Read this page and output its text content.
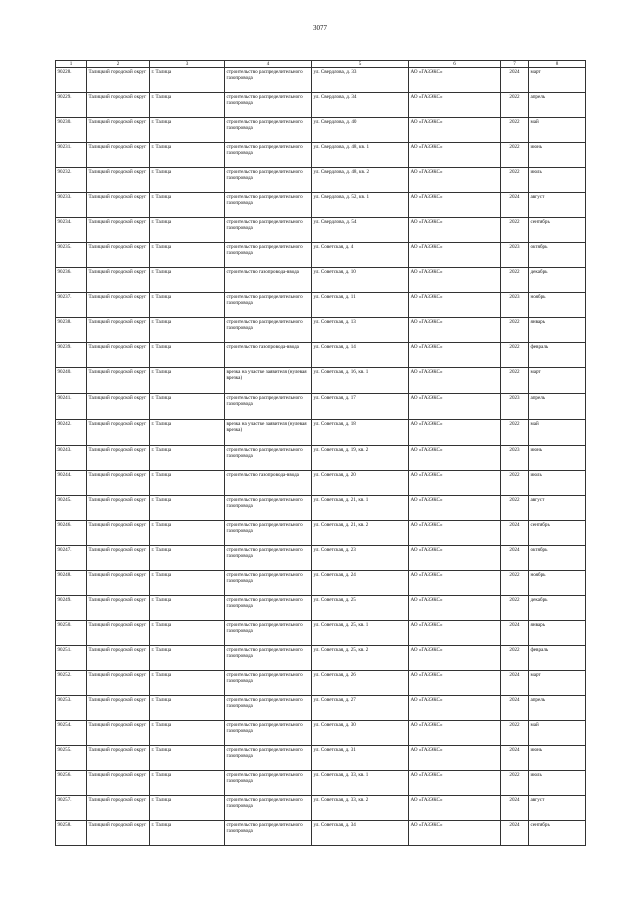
3077
1	2	3	4	5	6	7	8
90228.	Талицкий городской округ	г. Талица	строительство распределительного газопровода	ул. Свердлова, д. 33	АО «ГАЗЭКС»	2024	март
90229.	Талицкий городской округ	г. Талица	строительство распределительного газопровода	ул. Свердлова, д. 34	АО «ГАЗЭКС»	2022	апрель
90230.	Талицкий городской округ	г. Талица	строительство распределительного газопровода	ул. Свердлова, д. 40	АО «ГАЗЭКС»	2022	май
90231.	Талицкий городской округ	г. Талица	строительство распределительного газопровода	ул. Свердлова, д. 48, кв. 1	АО «ГАЗЭКС»	2022	июнь
90232.	Талицкий городской округ	г. Талица	строительство распределительного газопровода	ул. Свердлова, д. 48, кв. 2	АО «ГАЗЭКС»	2022	июль
90233.	Талицкий городской округ	г. Талица	строительство распределительного газопровода	ул. Свердлова, д. 52, кв. 1	АО «ГАЗЭКС»	2024	август
90234.	Талицкий городской округ	г. Талица	строительство распределительного газопровода	ул. Свердлова, д. 54	АО «ГАЗЭКС»	2022	сентябрь
90235.	Талицкий городской округ	г. Талица	строительство распределительного газопровода	ул. Советская, д. 4	АО «ГАЗЭКС»	2023	октябрь
90236.	Талицкий городской округ	г. Талица	строительство газопровода-ввода	ул. Советская, д. 10	АО «ГАЗЭКС»	2022	декабрь
90237.	Талицкий городской округ	г. Талица	строительство распределительного газопровода	ул. Советская, д. 11	АО «ГАЗЭКС»	2023	ноябрь
90238.	Талицкий городской округ	г. Талица	строительство распределительного газопровода	ул. Советская, д. 13	АО «ГАЗЭКС»	2022	январь
90239.	Талицкий городской округ	г. Талица	строительство газопровода-ввода	ул. Советская, д. 14	АО «ГАЗЭКС»	2022	февраль
90240.	Талицкий городской округ	г. Талица	врезка на участке заявителя (нулевая врезка)	ул. Советская, д. 16, кв. 1	АО «ГАЗЭКС»	2022	март
90241.	Талицкий городской округ	г. Талица	строительство распределительного газопровода	ул. Советская, д. 17	АО «ГАЗЭКС»	2023	апрель
90242.	Талицкий городской округ	г. Талица	врезка на участке заявителя (нулевая врезка)	ул. Советская, д. 18	АО «ГАЗЭКС»	2022	май
90243.	Талицкий городской округ	г. Талица	строительство распределительного газопровода	ул. Советская, д. 19, кв. 2	АО «ГАЗЭКС»	2023	июнь
90244.	Талицкий городской округ	г. Талица	строительство газопровода-ввода	ул. Советская, д. 20	АО «ГАЗЭКС»	2022	июль
90245.	Талицкий городской округ	г. Талица	строительство распределительного газопровода	ул. Советская, д. 21, кв. 1	АО «ГАЗЭКС»	2022	август
90246.	Талицкий городской округ	г. Талица	строительство распределительного газопровода	ул. Советская, д. 21, кв. 2	АО «ГАЗЭКС»	2024	сентябрь
90247.	Талицкий городской округ	г. Талица	строительство распределительного газопровода	ул. Советская, д. 23	АО «ГАЗЭКС»	2024	октябрь
90248.	Талицкий городской округ	г. Талица	строительство распределительного газопровода	ул. Советская, д. 24	АО «ГАЗЭКС»	2022	ноябрь
90249.	Талицкий городской округ	г. Талица	строительство распределительного газопровода	ул. Советская, д. 25	АО «ГАЗЭКС»	2022	декабрь
90250.	Талицкий городской округ	г. Талица	строительство распределительного газопровода	ул. Советская, д. 25, кв. 1	АО «ГАЗЭКС»	2024	январь
90251.	Талицкий городской округ	г. Талица	строительство распределительного газопровода	ул. Советская, д. 25, кв. 2	АО «ГАЗЭКС»	2022	февраль
90252.	Талицкий городской округ	г. Талица	строительство распределительного газопровода	ул. Советская, д. 26	АО «ГАЗЭКС»	2024	март
90253.	Талицкий городской округ	г. Талица	строительство распределительного газопровода	ул. Советская, д. 27	АО «ГАЗЭКС»	2024	апрель
90254.	Талицкий городской округ	г. Талица	строительство распределительного газопровода	ул. Советская, д. 30	АО «ГАЗЭКС»	2022	май
90255.	Талицкий городской округ	г. Талица	строительство распределительного газопровода	ул. Советская, д. 31	АО «ГАЗЭКС»	2024	июнь
90256.	Талицкий городской округ	г. Талица	строительство распределительного газопровода	ул. Советская, д. 33, кв. 1	АО «ГАЗЭКС»	2022	июль
90257.	Талицкий городской округ	г. Талица	строительство распределительного газопровода	ул. Советская, д. 33, кв. 2	АО «ГАЗЭКС»	2024	август
90258.	Талицкий городской округ	г. Талица	строительство распределительного газопровода	ул. Советская, д. 34	АО «ГАЗЭКС»	2024	сентябрь
